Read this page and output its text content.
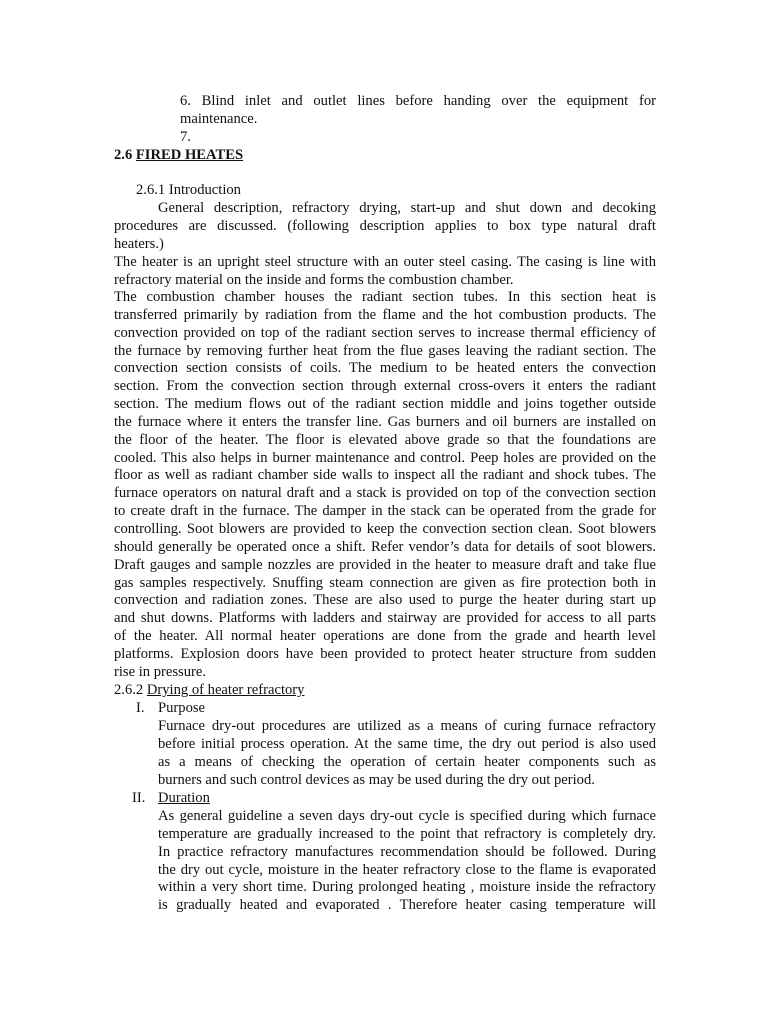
6. Blind inlet and outlet lines before handing over the equipment for
maintenance.
7.
2.6 FIRED HEATES
2.6.1 Introduction
General description, refractory drying, start-up and shut down and decoking
procedures are discussed. (following description applies to box type natural draft
heaters.)
The heater is an upright steel structure with an outer steel casing. The casing is line with
refractory material on the inside and forms the combustion chamber.
The combustion chamber houses the radiant section tubes. In this section heat is
transferred primarily by radiation from the flame and the hot combustion products. The
convection provided on top of the radiant section serves to increase thermal efficiency of
the furnace by removing further heat from the flue gases leaving the radiant section. The
convection section consists of coils. The medium to be heated enters the convection
section. From the convection section through external cross-overs it enters the radiant
section. The medium flows out of the radiant section middle and joins together outside
the furnace where it enters the transfer line. Gas burners and oil burners are installed on
the floor of the heater. The floor is elevated above grade so that the foundations are
cooled. This also helps in burner maintenance and control. Peep holes are provided on the
floor as well as radiant chamber side walls to inspect all the radiant and shock tubes. The
furnace operators on natural draft and a stack is provided on top of the convection section
to create draft in the furnace. The damper in the stack can be operated from the grade for
controlling. Soot blowers are provided to keep the convection section clean. Soot blowers
should generally be operated once a shift. Refer vendor’s data for details of soot blowers.
Draft gauges and sample nozzles are provided in the heater to measure draft and take flue
gas samples respectively. Snuffing steam connection are given as fire protection both in
convection and radiation zones. These are also used to purge the heater during start up
and shut downs. Platforms with ladders and stairway are provided for access to all parts
of the heater. All normal heater operations are done from the grade and hearth level
platforms. Explosion doors have been provided to protect heater structure from sudden
rise in pressure.
2.6.2 Drying of heater refractory
I. Purpose
Furnace dry-out procedures are utilized as a means of curing furnace refractory
before initial process operation. At the same time, the dry out period is also used
as a means of checking the operation of certain heater components such as
burners and such control devices as may be used during the dry out period.
II. Duration
As general guideline a seven days dry-out cycle is specified during which furnace
temperature are gradually increased to the point that refractory is completely dry.
In practice refractory manufactures recommendation should be followed. During
the dry out cycle, moisture in the heater refractory close to the flame is evaporated
within a very short time. During prolonged heating , moisture inside the refractory
is gradually heated and evaporated . Therefore heater casing temperature will
